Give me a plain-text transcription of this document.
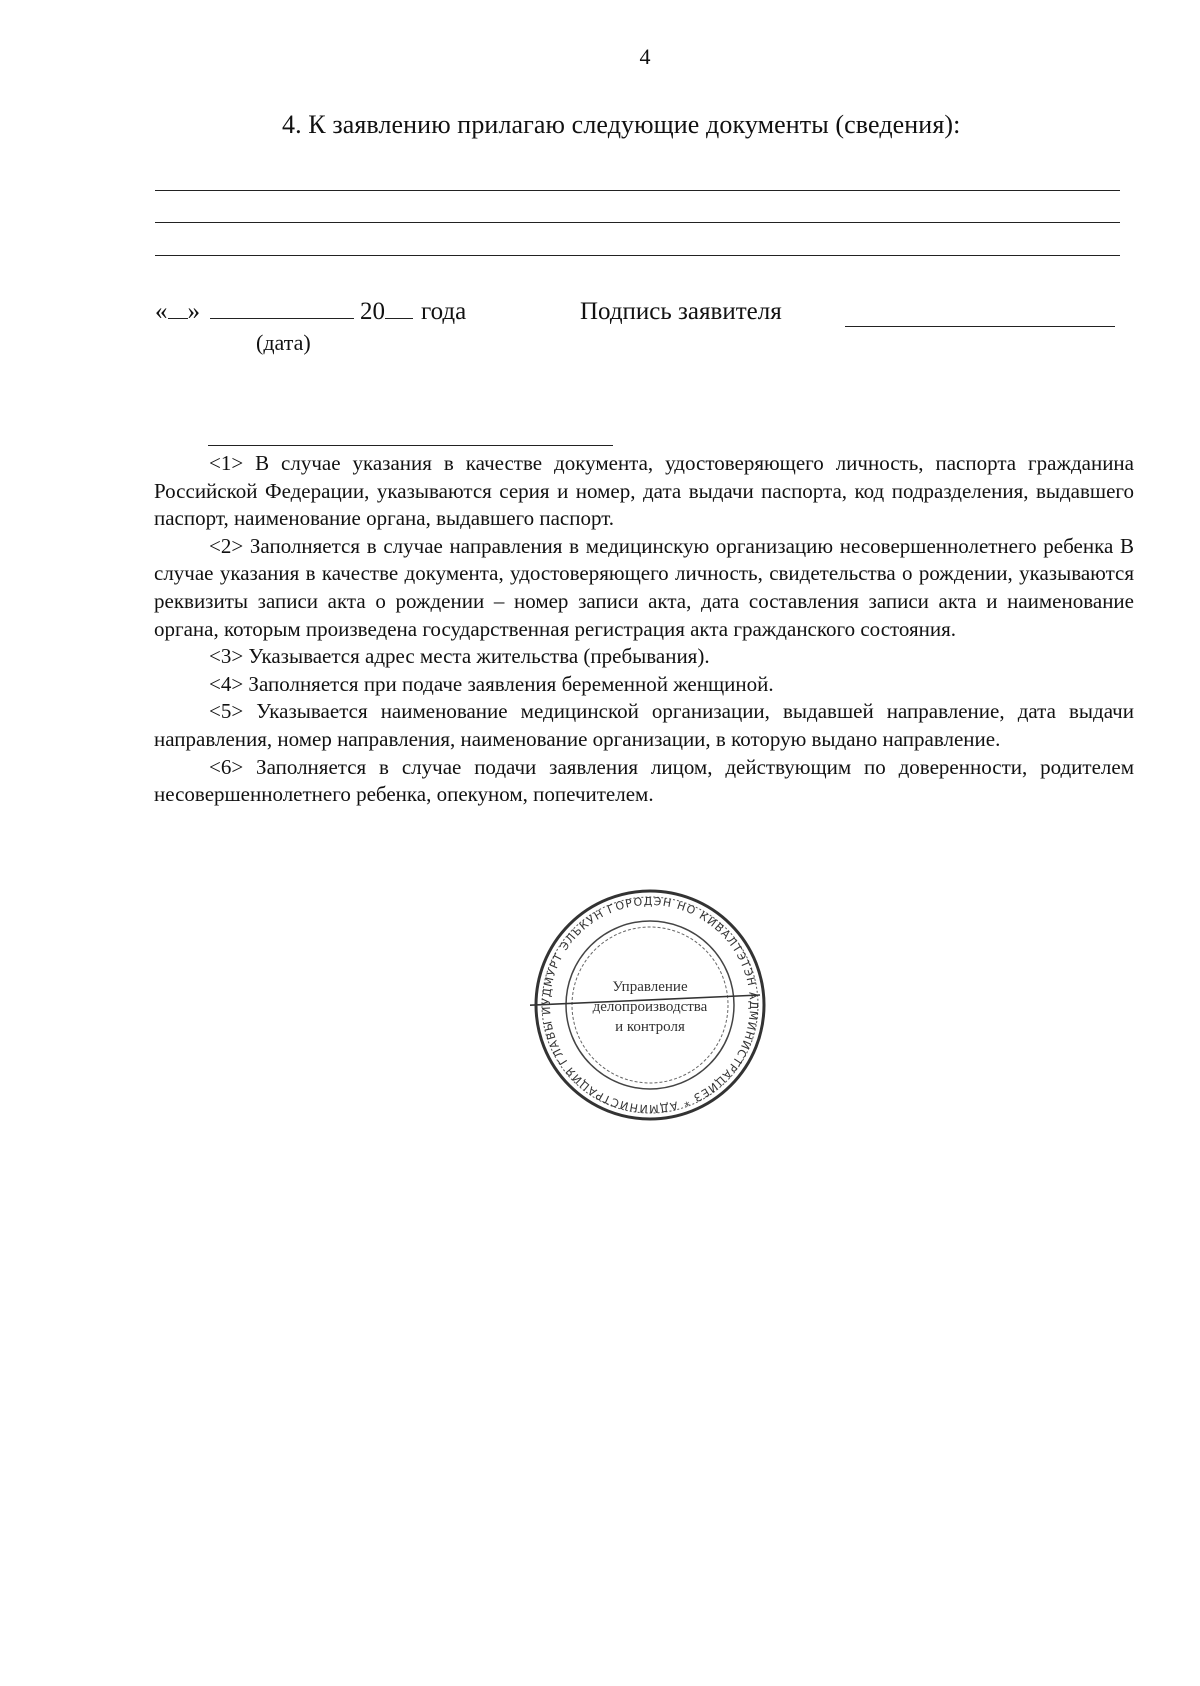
4
4. К заявлению прилагаю следующие документы (сведения):
« »	20 года
(дата)
Подпись заявителя

<1> В случае указания в качестве документа, удостоверяющего личность, паспорта гражданина Российской Федерации, указываются серия и номер, дата выдачи паспорта, код подразделения, выдавшего паспорт, наименование органа, выдавшего паспорт.

<2> Заполняется в случае направления в медицинскую организацию несовершеннолетнего ребенка В случае указания в качестве документа, удостоверяющего личность, свидетельства о рождении, указываются реквизиты записи акта о рождении – номер записи акта, дата составления записи акта и наименование органа, которым произведена государственная регистрация акта гражданского состояния.

<3> Указывается адрес места жительства (пребывания).

<4> Заполняется при подаче заявления беременной женщиной.

<5> Указывается наименование медицинской организации, выдавшей направление, дата выдачи направления, номер направления, наименование организации, в которую выдано направление.

<6> Заполняется в случае подачи заявления лицом, действующим по доверенности, родителем несовершеннолетнего ребенка, опекуном, попечителем.

УДМУРТ ЭЛЬКУН ГОРОДЭН НО КИВАЛТЭТЭН АДМИНИСТРАЦИЕЗ * АДМИНИСТРАЦИЯ ГЛАВЫ И
Управление
делопроизводства
и контроля
